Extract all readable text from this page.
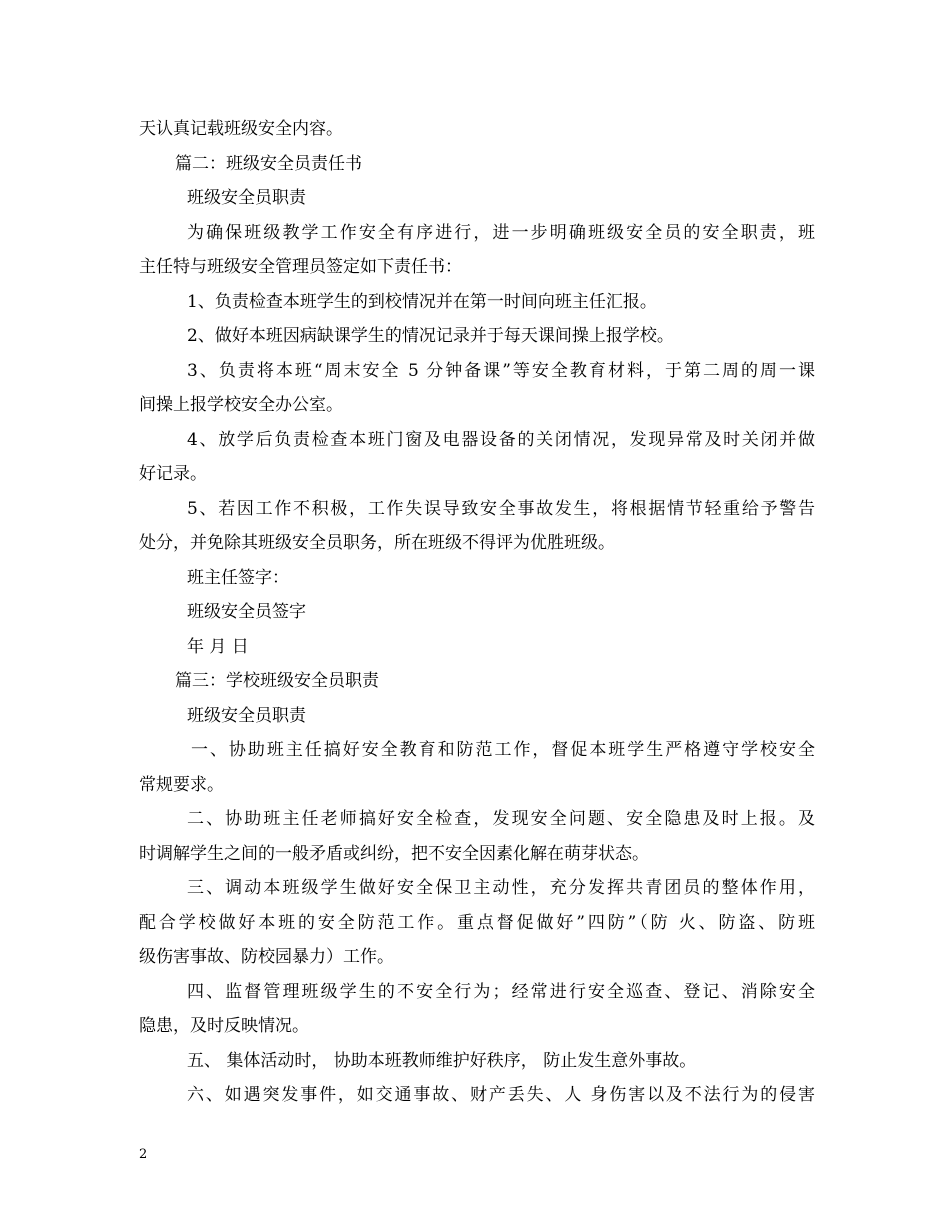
天认真记载班级安全内容。
篇二：班级安全员责任书
班级安全员职责
为确保班级教学工作安全有序进行，进一步明确班级安全员的安全职责，班
主任特与班级安全管理员签定如下责任书：
1、负责检查本班学生的到校情况并在第一时间向班主任汇报。
2、做好本班因病缺课学生的情况记录并于每天课间操上报学校。
3、负责将本班“周末安全 5 分钟备课”等安全教育材料，于第二周的周一课
间操上报学校安全办公室。
4、放学后负责检查本班门窗及电器设备的关闭情况，发现异常及时关闭并做
好记录。
5、若因工作不积极，工作失误导致安全事故发生，将根据情节轻重给予警告
处分，并免除其班级安全员职务，所在班级不得评为优胜班级。
班主任签字：
班级安全员签字
年 月 日
篇三：学校班级安全员职责
班级安全员职责
一、协助班主任搞好安全教育和防范工作，督促本班学生严格遵守学校安全
常规要求。
二、协助班主任老师搞好安全检查，发现安全问题、安全隐患及时上报。及
时调解学生之间的一般矛盾或纠纷，把不安全因素化解在萌芽状态。
三、调动本班级学生做好安全保卫主动性，充分发挥共青团员的整体作用，
配合学校做好本班的安全防范工作。重点督促做好”四防”（防 火、防盗、防班
级伤害事故、防校园暴力）工作。
四、监督管理班级学生的不安全行为；经常进行安全巡查、登记、消除安全
隐患，及时反映情况。
五、 集体活动时， 协助本班教师维护好秩序， 防止发生意外事故。
六、如遇突发事件，如交通事故、财产丢失、人 身伤害以及不法行为的侵害
2
